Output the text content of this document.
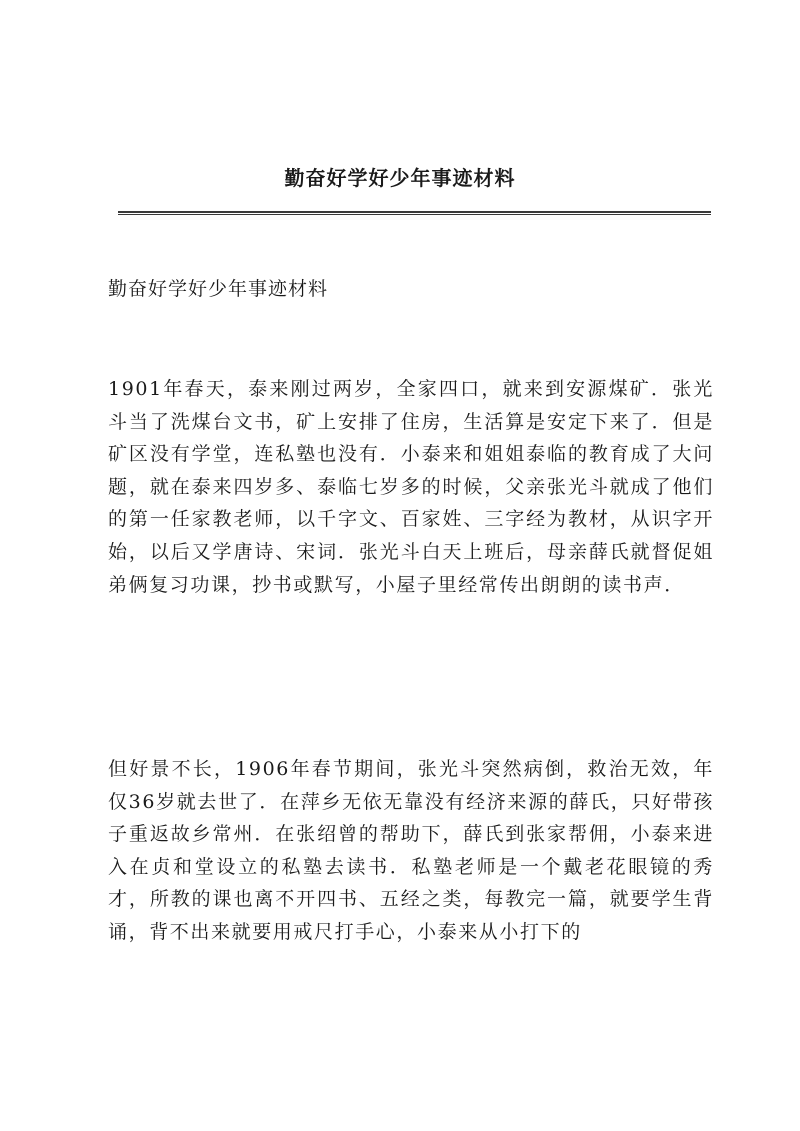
勤奋好学好少年事迹材料
勤奋好学好少年事迹材料

1901年春天，泰来刚过两岁，全家四口，就来到安源煤矿．张光斗当了洗煤台文书，矿上安排了住房，生活算是安定下来了．但是矿区没有学堂，连私塾也没有．小泰来和姐姐泰临的教育成了大问题，就在泰来四岁多、泰临七岁多的时候，父亲张光斗就成了他们的第一任家教老师，以千字文、百家姓、三字经为教材，从识字开始，以后又学唐诗、宋词．张光斗白天上班后，母亲薛氏就督促姐弟俩复习功课，抄书或默写，小屋子里经常传出朗朗的读书声．

但好景不长，1906年春节期间，张光斗突然病倒，救治无效，年仅36岁就去世了．在萍乡无依无靠没有经济来源的薛氏，只好带孩子重返故乡常州．在张绍曾的帮助下，薛氏到张家帮佣，小泰来进入在贞和堂设立的私塾去读书．私塾老师是一个戴老花眼镜的秀才，所教的课也离不开四书、五经之类，每教完一篇，就要学生背诵，背不出来就要用戒尺打手心，小泰来从小打下的
